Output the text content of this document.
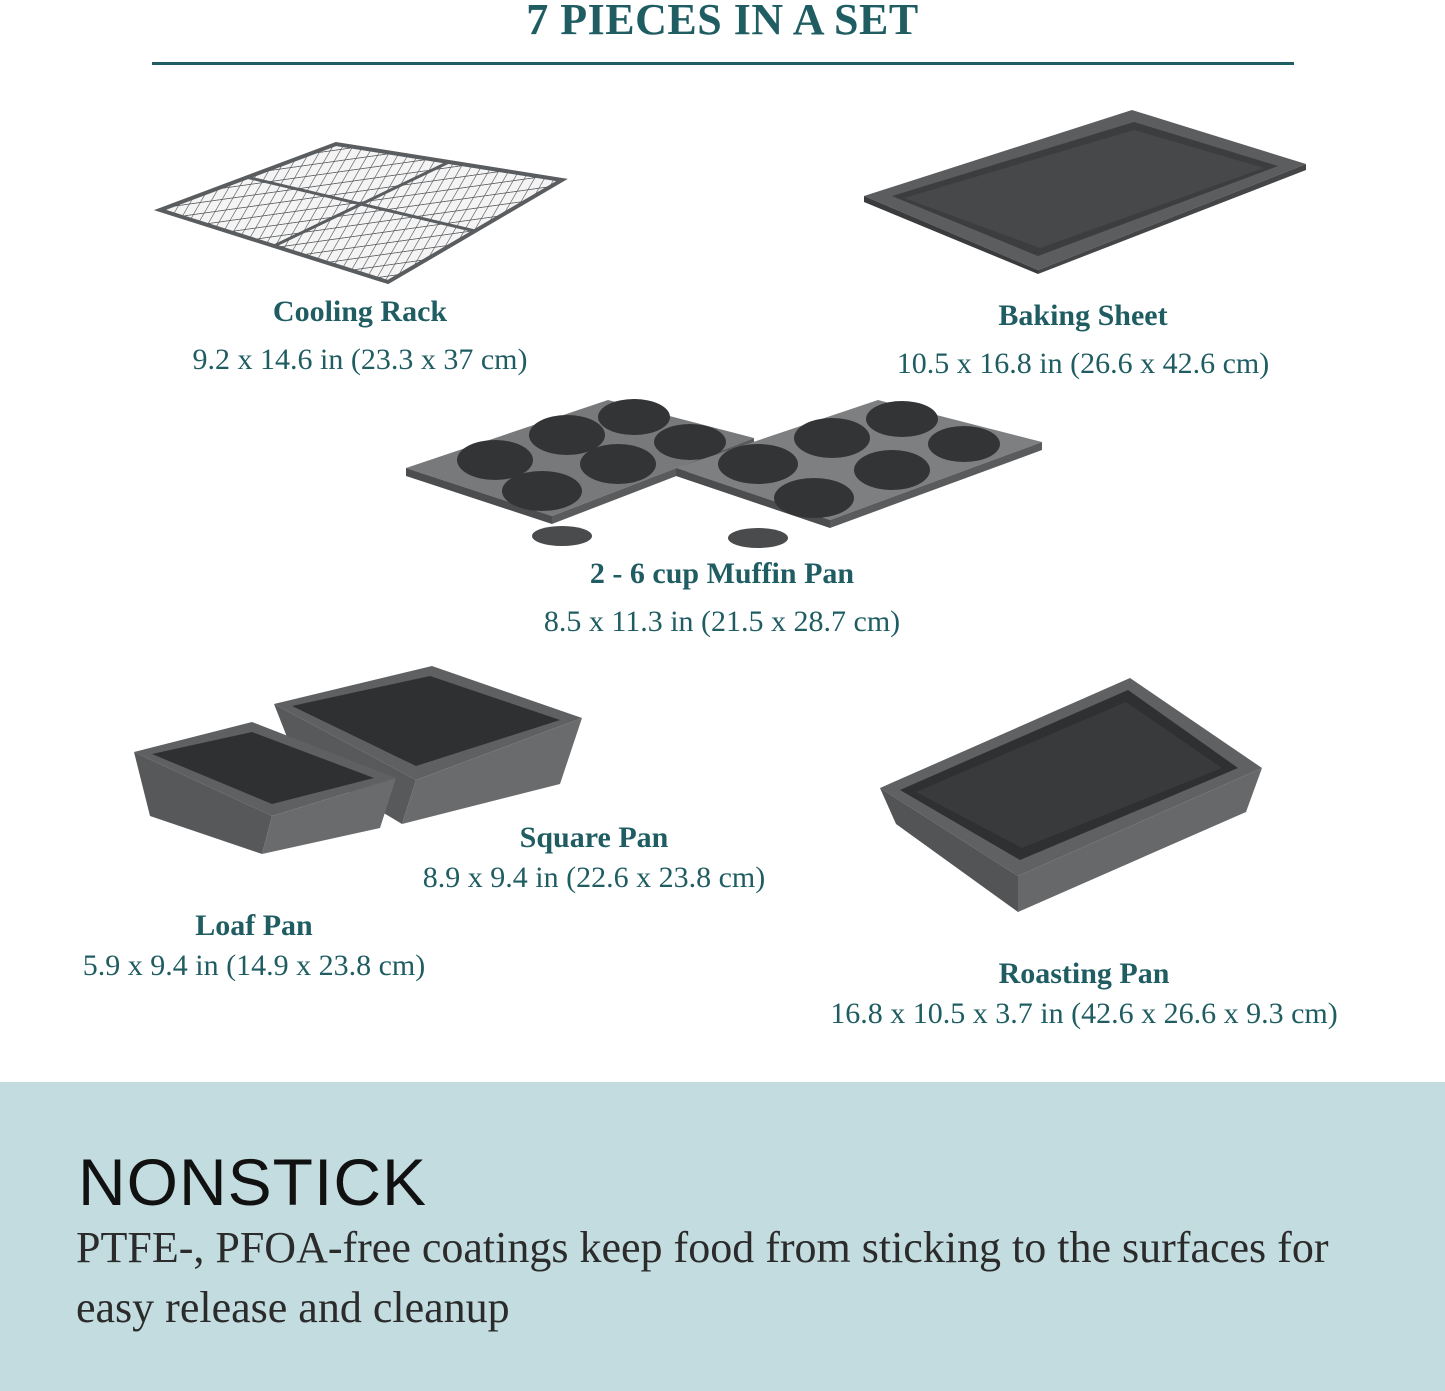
7 PIECES IN A SET
Cooling Rack
9.2 x 14.6 in (23.3 x 37 cm)
Baking Sheet
10.5 x 16.8 in (26.6 x 42.6 cm)
2 - 6 cup Muffin Pan
8.5 x 11.3 in (21.5 x 28.7 cm)
Square Pan
8.9 x 9.4 in (22.6 x 23.8 cm)
Loaf Pan
5.9 x 9.4 in (14.9 x 23.8 cm)	Roasting Pan
16.8 x 10.5 x 3.7 in (42.6 x 26.6 x 9.3 cm)
NONSTICK

PTFE-, PFOA-free coatings keep food from sticking to the surfaces for easy release and cleanup
